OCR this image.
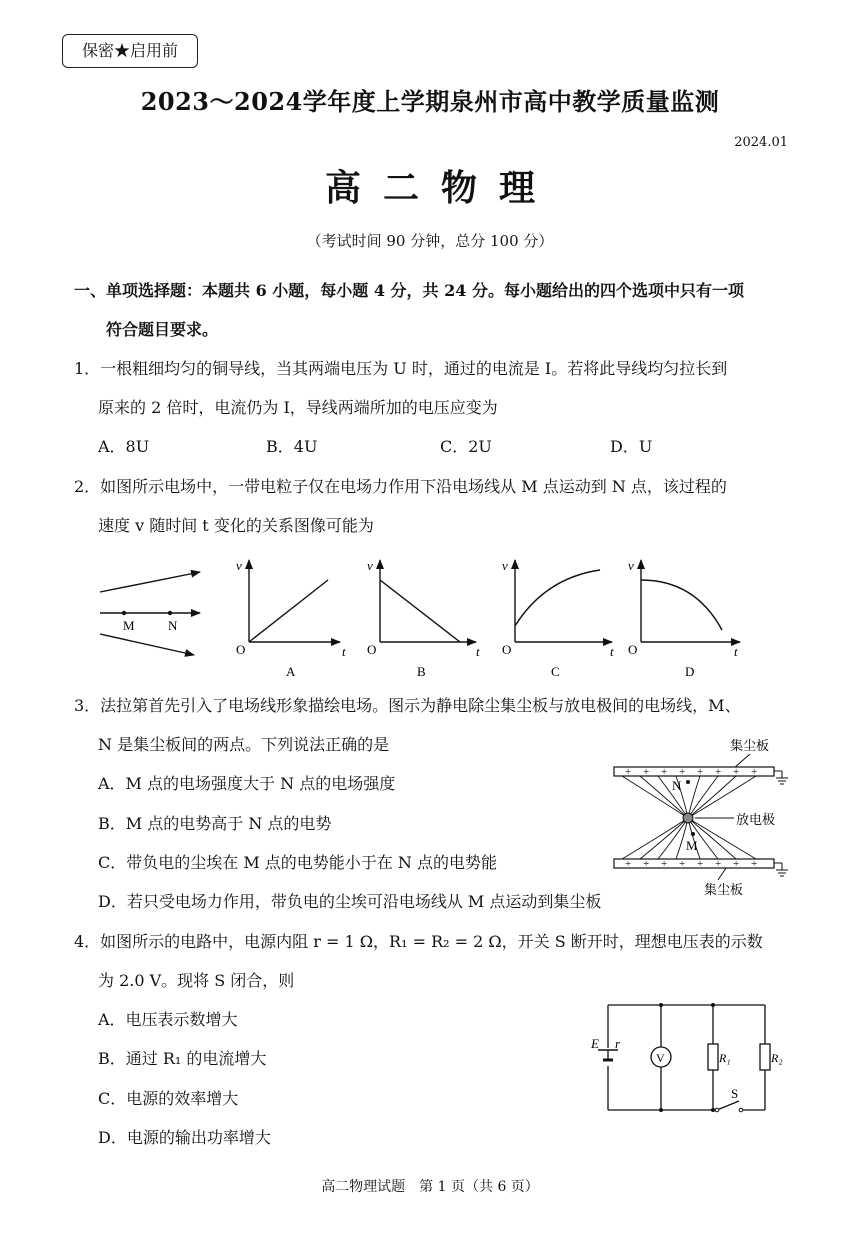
保密★启用前
2023～2024学年度上学期泉州市高中教学质量监测
2024.01
高二物理
（考试时间 90 分钟，总分 100 分）
一、单项选择题：本题共 6 小题，每小题 4 分，共 24 分。每小题给出的四个选项中只有一项
符合题目要求。
1．一根粗细均匀的铜导线，当其两端电压为 U 时，通过的电流是 I。若将此导线均匀拉长到
原来的 2 倍时，电流仍为 I，导线两端所加的电压应变为
A．8U	B．4U	C．2U	D．U
2．如图所示电场中，一带电粒子仅在电场力作用下沿电场线从 M 点运动到 N 点，该过程的
速度 v 随时间 t 变化的关系图像可能为
M	N
v
t
O
A
v
t
O
B
v
t
O
C
v
t
O
D
3．法拉第首先引入了电场线形象描绘电场。图示为静电除尘集尘板与放电极间的电场线，M、
N 是集尘板间的两点。下列说法正确的是
A．M 点的电场强度大于 N 点的电场强度
B．M 点的电势高于 N 点的电势
C．带负电的尘埃在 M 点的电势能小于在 N 点的电势能
D．若只受电场力作用，带负电的尘埃可沿电场线从 M 点运动到集尘板
集尘板
+ + + + + + + +
+ + + + + + + +
集尘板
N
M
放电极
4．如图所示的电路中，电源内阻 r = 1 Ω，R₁ = R₂ = 2 Ω，开关 S 断开时，理想电压表的示数
为 2.0 V。现将 S 闭合，则
A．电压表示数增大
B．通过 R₁ 的电流增大
C．电源的效率增大
D．电源的输出功率增大
E r
V	R₁	R₂
S
高二物理试题　第 1 页（共 6 页）
